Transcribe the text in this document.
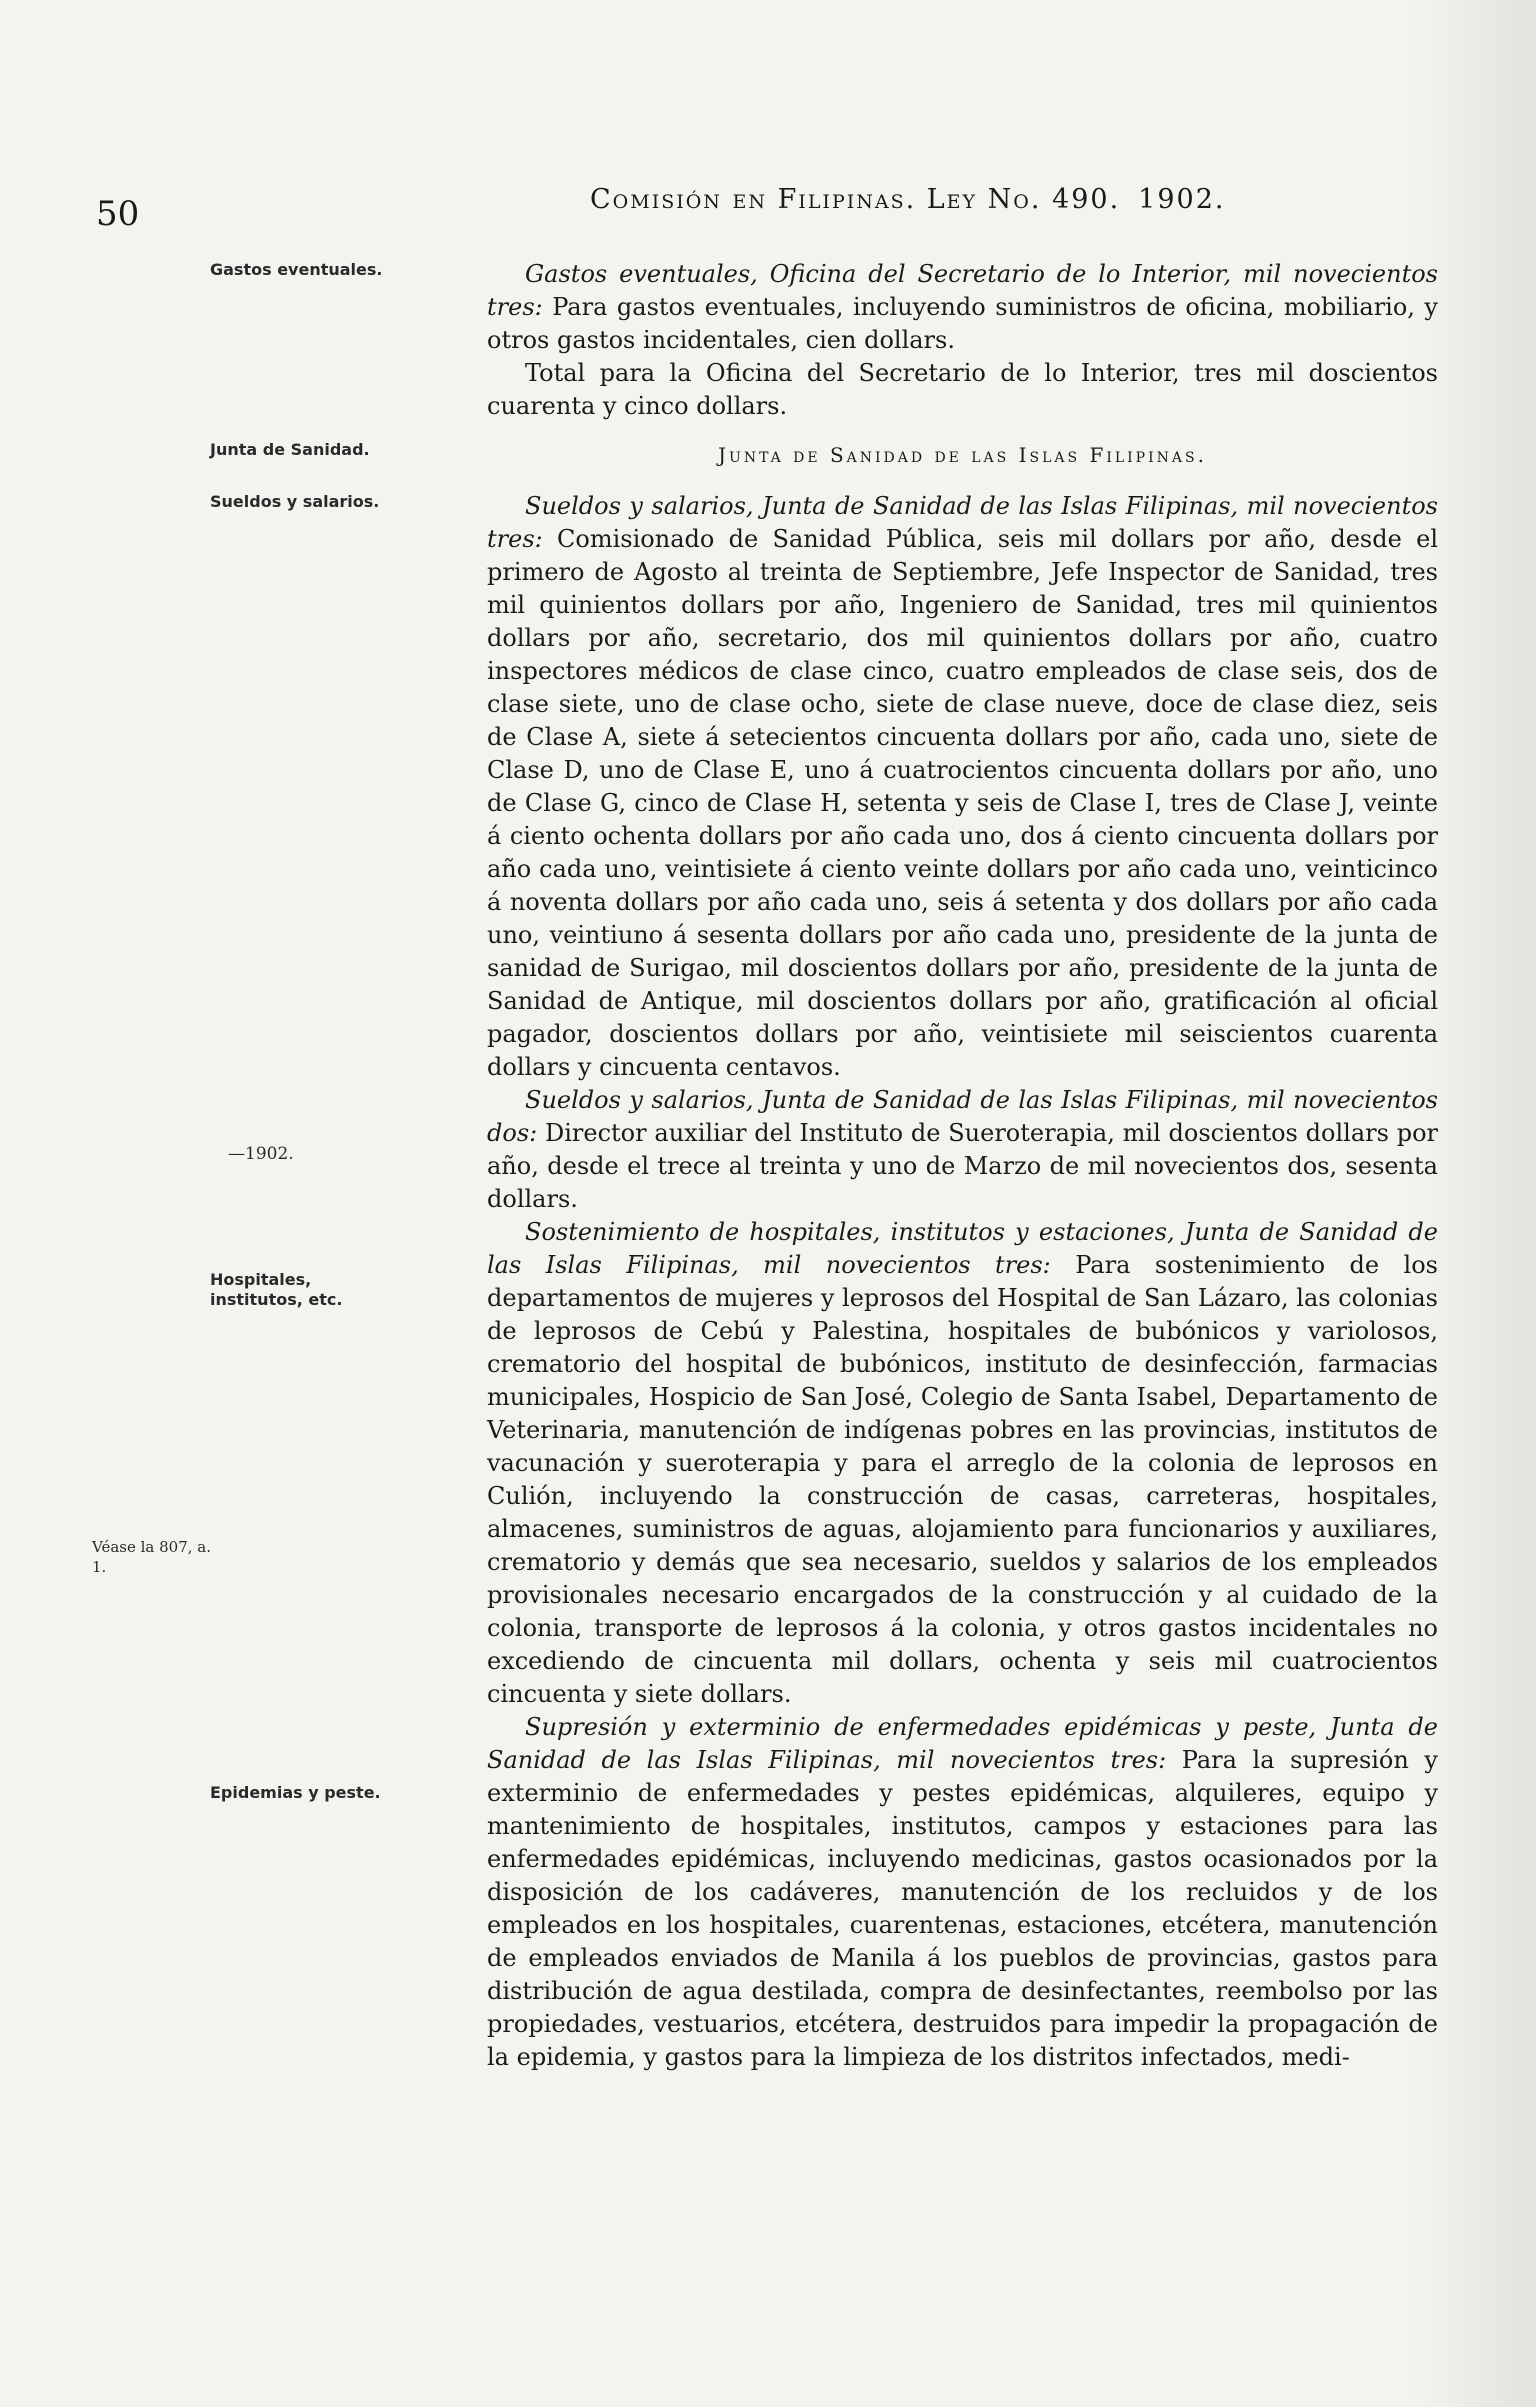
50	Comisión en Filipinas. Ley No. 490. 1902.
Gastos eventuales.
Junta de Sanidad.
Sueldos y salarios.
—1902.
Hospitales, institutos, etc.
Véase la 807, a. 1.
Epidemias y peste.

Gastos eventuales, Oficina del Secretario de lo Interior, mil novecientos tres: Para gastos eventuales, incluyendo suministros de oficina, mobiliario, y otros gastos incidentales, cien dollars.

Total para la Oficina del Secretario de lo Interior, tres mil doscientos cuarenta y cinco dollars.

Junta de Sanidad de las Islas Filipinas.

Sueldos y salarios, Junta de Sanidad de las Islas Filipinas, mil novecientos tres: Comisionado de Sanidad Pública, seis mil dollars por año, desde el primero de Agosto al treinta de Septiembre, Jefe Inspector de Sanidad, tres mil quinientos dollars por año, Ingeniero de Sanidad, tres mil quinientos dollars por año, secretario, dos mil quinientos dollars por año, cuatro inspectores médicos de clase cinco, cuatro empleados de clase seis, dos de clase siete, uno de clase ocho, siete de clase nueve, doce de clase diez, seis de Clase A, siete á setecientos cincuenta dollars por año, cada uno, siete de Clase D, uno de Clase E, uno á cuatrocientos cincuenta dollars por año, uno de Clase G, cinco de Clase H, setenta y seis de Clase I, tres de Clase J, veinte á ciento ochenta dollars por año cada uno, dos á ciento cincuenta dollars por año cada uno, veintisiete á ciento veinte dollars por año cada uno, veinticinco á noventa dollars por año cada uno, seis á setenta y dos dollars por año cada uno, veintiuno á sesenta dollars por año cada uno, presidente de la junta de sanidad de Surigao, mil doscientos dollars por año, presidente de la junta de Sanidad de Antique, mil doscientos dollars por año, gratificación al oficial pagador, doscientos dollars por año, veintisiete mil seiscientos cuarenta dollars y cincuenta centavos.

Sueldos y salarios, Junta de Sanidad de las Islas Filipinas, mil novecientos dos: Director auxiliar del Instituto de Sueroterapia, mil doscientos dollars por año, desde el trece al treinta y uno de Marzo de mil novecientos dos, sesenta dollars.

Sostenimiento de hospitales, institutos y estaciones, Junta de Sanidad de las Islas Filipinas, mil novecientos tres: Para sostenimiento de los departamentos de mujeres y leprosos del Hospital de San Lázaro, las colonias de leprosos de Cebú y Palestina, hospitales de bubónicos y variolosos, crematorio del hospital de bubónicos, instituto de desinfección, farmacias municipales, Hospicio de San José, Colegio de Santa Isabel, Departamento de Veterinaria, manutención de indígenas pobres en las provincias, institutos de vacunación y sueroterapia y para el arreglo de la colonia de leprosos en Culión, incluyendo la construcción de casas, carreteras, hospitales, almacenes, suministros de aguas, alojamiento para funcionarios y auxiliares, crematorio y demás que sea necesario, sueldos y salarios de los empleados provisionales necesario encargados de la construcción y al cuidado de la colonia, transporte de leprosos á la colonia, y otros gastos incidentales no excediendo de cincuenta mil dollars, ochenta y seis mil cuatrocientos cincuenta y siete dollars.

Supresión y exterminio de enfermedades epidémicas y peste, Junta de Sanidad de las Islas Filipinas, mil novecientos tres: Para la supresión y exterminio de enfermedades y pestes epidémicas, alquileres, equipo y mantenimiento de hospitales, institutos, campos y estaciones para las enfermedades epidémicas, incluyendo medicinas, gastos ocasionados por la disposición de los cadáveres, manutención de los recluidos y de los empleados en los hospitales, cuarentenas, estaciones, etcétera, manutención de empleados enviados de Manila á los pueblos de provincias, gastos para distribución de agua destilada, compra de desinfectantes, reembolso por las propiedades, vestuarios, etcétera, destruidos para impedir la propagación de la epidemia, y gastos para la limpieza de los distritos infectados, medi-
